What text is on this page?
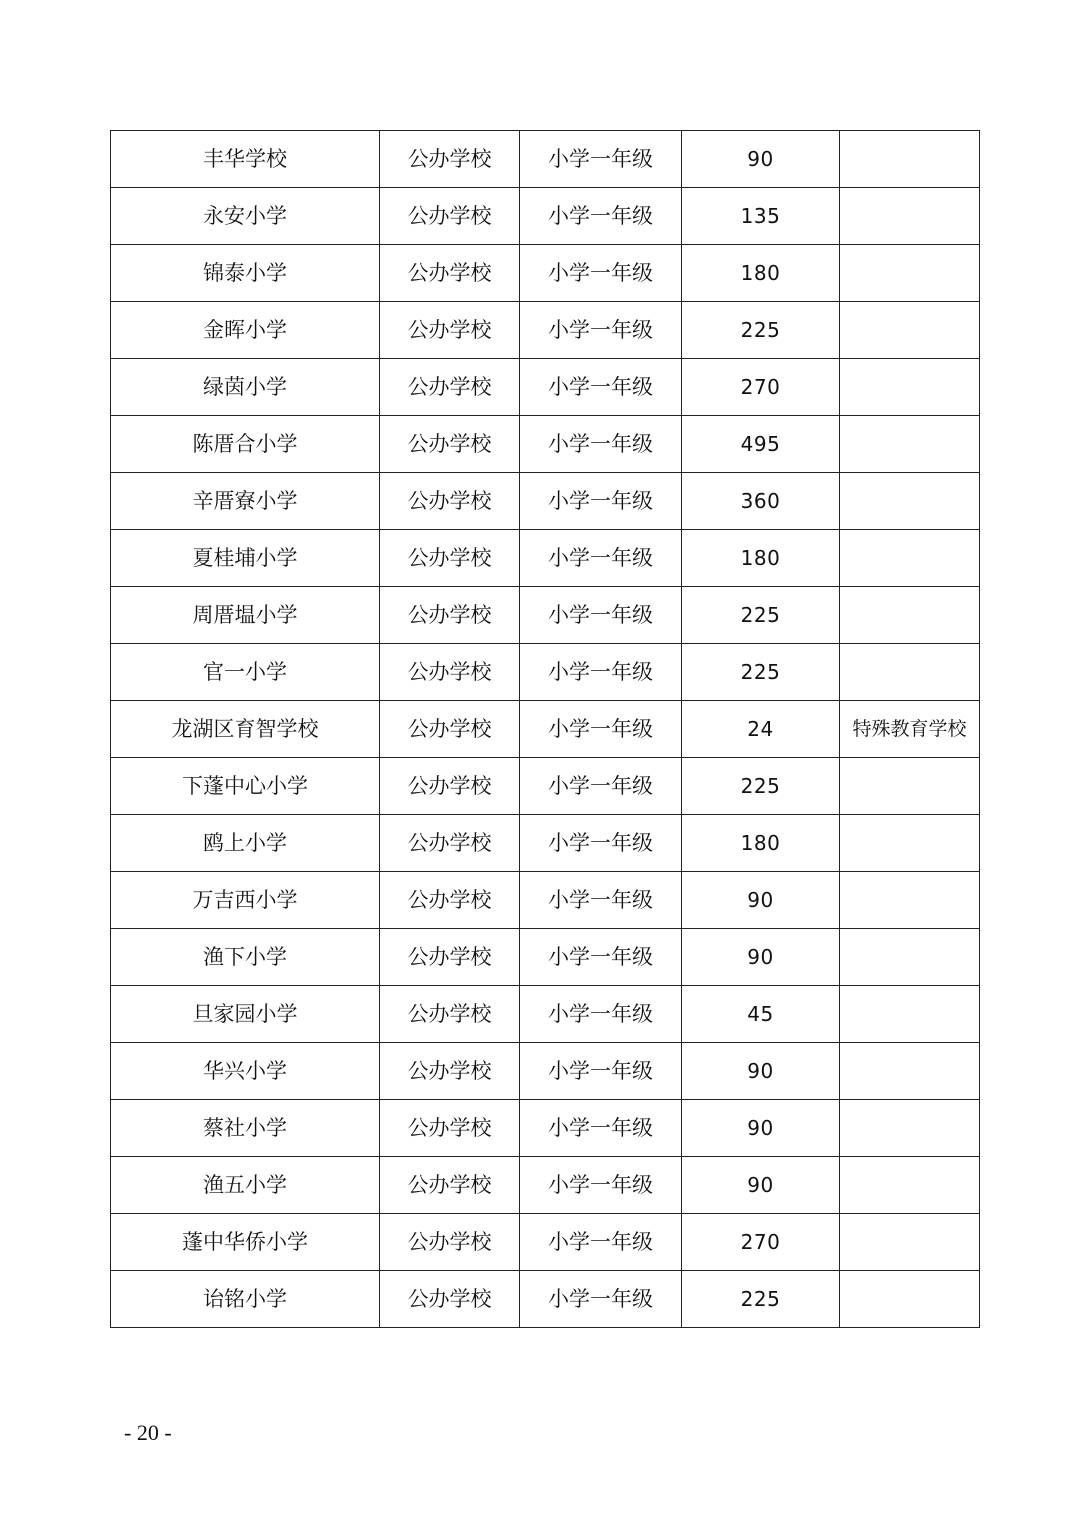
丰华学校	公办学校	小学一年级	90	
永安小学	公办学校	小学一年级	135	
锦泰小学	公办学校	小学一年级	180	
金晖小学	公办学校	小学一年级	225	
绿茵小学	公办学校	小学一年级	270	
陈厝合小学	公办学校	小学一年级	495	
辛厝寮小学	公办学校	小学一年级	360	
夏桂埔小学	公办学校	小学一年级	180	
周厝塭小学	公办学校	小学一年级	225	
官一小学	公办学校	小学一年级	225	
龙湖区育智学校	公办学校	小学一年级	24	特殊教育学校
下蓬中心小学	公办学校	小学一年级	225	
鸥上小学	公办学校	小学一年级	180	
万吉西小学	公办学校	小学一年级	90	
渔下小学	公办学校	小学一年级	90	
旦家园小学	公办学校	小学一年级	45	
华兴小学	公办学校	小学一年级	90	
蔡社小学	公办学校	小学一年级	90	
渔五小学	公办学校	小学一年级	90	
蓬中华侨小学	公办学校	小学一年级	270	
诒铭小学	公办学校	小学一年级	225	
- 20 -
